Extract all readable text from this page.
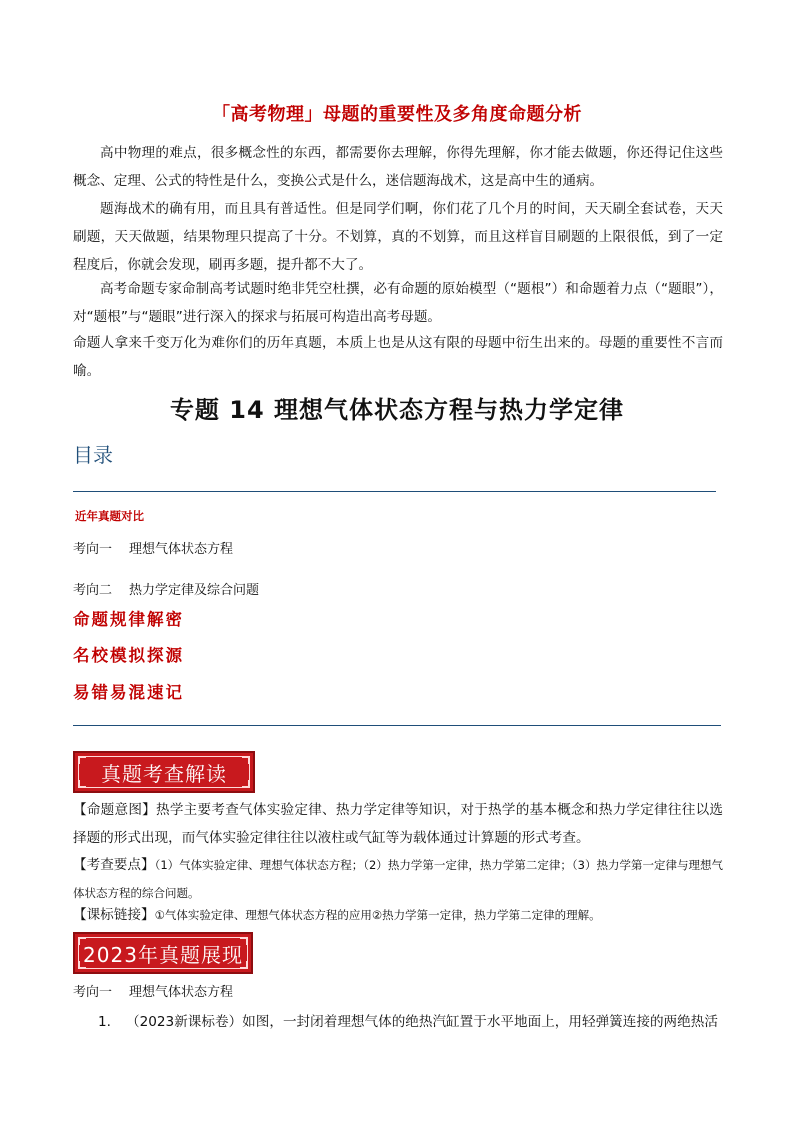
「高考物理」母题的重要性及多角度命题分析
高中物理的难点，很多概念性的东西，都需要你去理解，你得先理解，你才能去做题，你还得记住这些概念、定理、公式的特性是什么，变换公式是什么，迷信题海战术，这是高中生的通病。
题海战术的确有用，而且具有普适性。但是同学们啊，你们花了几个月的时间，天天刷全套试卷，天天刷题，天天做题，结果物理只提高了十分。不划算，真的不划算，而且这样盲目刷题的上限很低，到了一定程度后，你就会发现，刷再多题，提升都不大了。
高考命题专家命制高考试题时绝非凭空杜撰，必有命题的原始模型（“题根”）和命题着力点（“题眼”），对“题根”与“题眼”进行深入的探求与拓展可构造出高考母题。
命题人拿来千变万化为难你们的历年真题，本质上也是从这有限的母题中衍生出来的。母题的重要性不言而喻。
专题 14 理想气体状态方程与热力学定律
目录
近年真题对比
考向一 理想气体状态方程
考向二 热力学定律及综合问题
命题规律解密
名校模拟探源
易错易混速记
真题考查解读
【命题意图】热学主要考查气体实验定律、热力学定律等知识，对于热学的基本概念和热力学定律往往以选择题的形式出现，而气体实验定律往往以液柱或气缸等为载体通过计算题的形式考查。
【考查要点】（1）气体实验定律、理想气体状态方程；（2）热力学第一定律，热力学第二定律；（3）热力学第一定律与理想气体状态方程的综合问题。
【课标链接】①气体实验定律、理想气体状态方程的应用②热力学第一定律，热力学第二定律的理解。
2023年真题展现
考向一 理想气体状态方程
1. （2023新课标卷）如图，一封闭着理想气体的绝热汽缸置于水平地面上，用轻弹簧连接的两绝热活
